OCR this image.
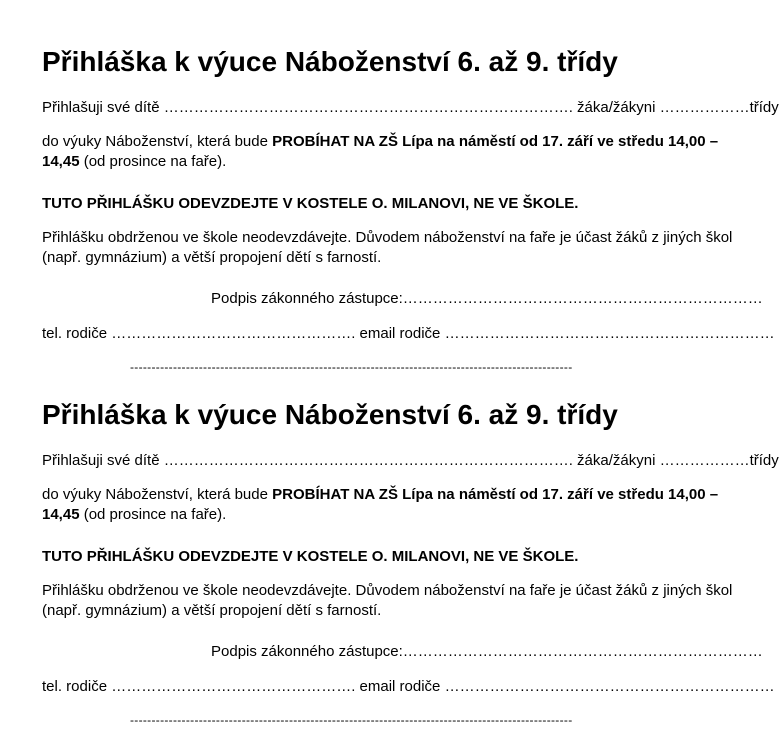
Přihláška k výuce Náboženství 6. až 9. třídy
Přihlašuji své dítě ………………………………………………………………………. žáka/žákyni ………………třídy
do výuky Náboženství, která bude PROBÍHAT NA ZŠ Lípa na náměstí od 17. září ve středu 14,00 – 14,45 (od prosince na faře).
TUTO PŘIHLÁŠKU ODEVZDEJTE V KOSTELE O. MILANOVI, NE VE ŠKOLE.
Přihlášku obdrženou ve škole neodevzdávejte. Důvodem náboženství na faře je účast žáků z jiných škol (např. gymnázium) a větší propojení dětí s farností.
Podpis zákonného zástupce:………………………………………………………………
tel. rodiče …………………………………………. email rodiče …………………………………………………………
-------------------------------------------------------------------------------------------------------
Přihláška k výuce Náboženství 6. až 9. třídy
Přihlašuji své dítě ………………………………………………………………………. žáka/žákyni ………………třídy
do výuky Náboženství, která bude PROBÍHAT NA ZŠ Lípa na náměstí od 17. září ve středu 14,00 – 14,45 (od prosince na faře).
TUTO PŘIHLÁŠKU ODEVZDEJTE V KOSTELE O. MILANOVI, NE VE ŠKOLE.
Přihlášku obdrženou ve škole neodevzdávejte. Důvodem náboženství na faře je účast žáků z jiných škol (např. gymnázium) a větší propojení dětí s farností.
Podpis zákonného zástupce:………………………………………………………………
tel. rodiče …………………………………………. email rodiče …………………………………………………………
-------------------------------------------------------------------------------------------------------
